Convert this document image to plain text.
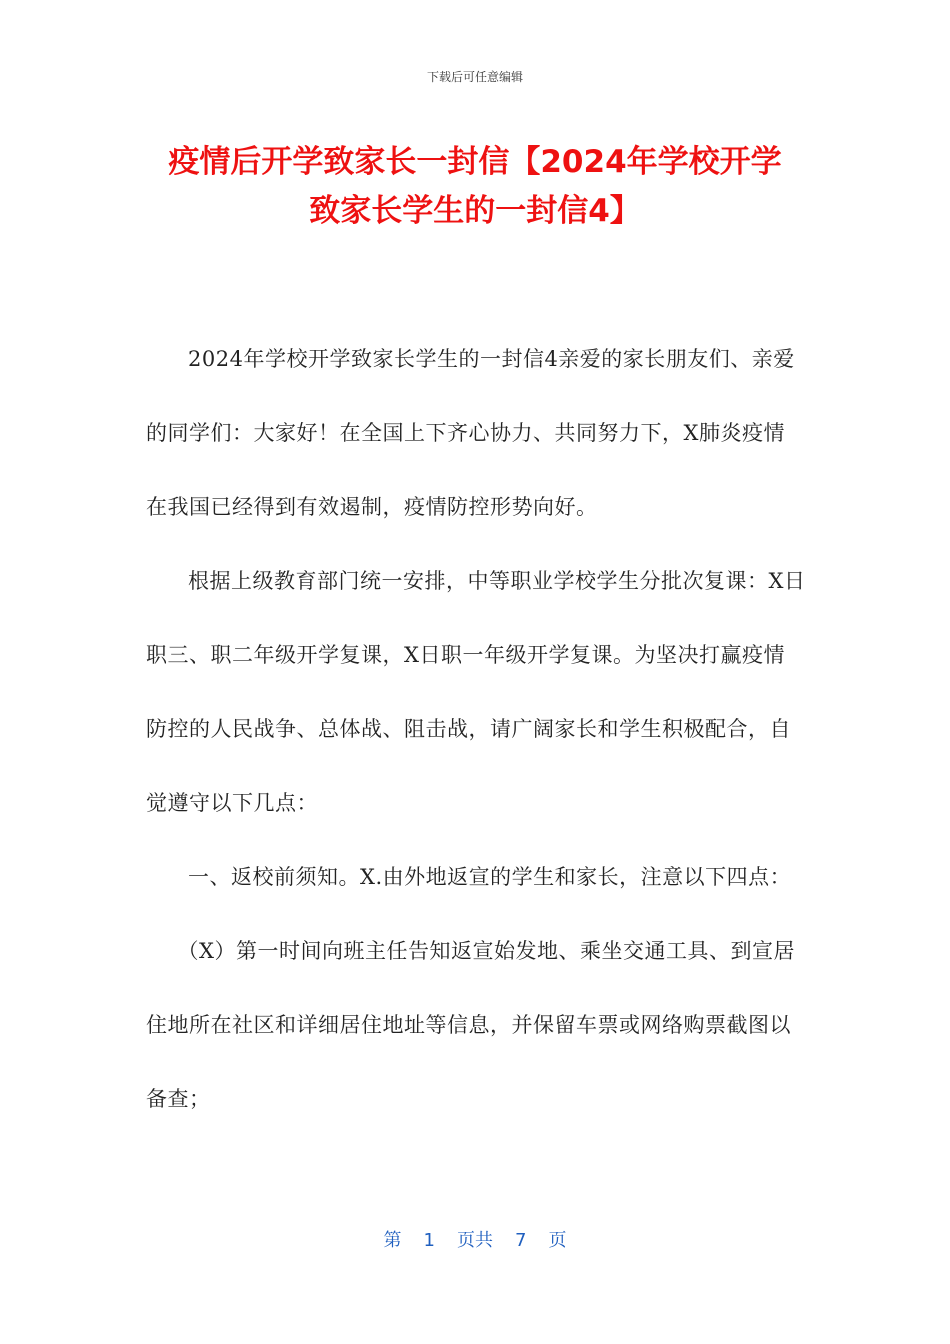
下载后可任意编辑
疫情后开学致家长一封信【2024年学校开学
致家长学生的一封信4】

2024年学校开学致家长学生的一封信4亲爱的家长朋友们、亲爱的同学们：大家好！在全国上下齐心协力、共同努力下，X肺炎疫情在我国已经得到有效遏制，疫情防控形势向好。

根据上级教育部门统一安排，中等职业学校学生分批次复课：X日职三、职二年级开学复课，X日职一年级开学复课。为坚决打赢疫情防控的人民战争、总体战、阻击战，请广阔家长和学生积极配合，自觉遵守以下几点：

一、返校前须知。X.由外地返宣的学生和家长，注意以下四点：

（X）第一时间向班主任告知返宣始发地、乘坐交通工具、到宣居住地所在社区和详细居住地址等信息，并保留车票或网络购票截图以备查；

第 1 页共 7 页
